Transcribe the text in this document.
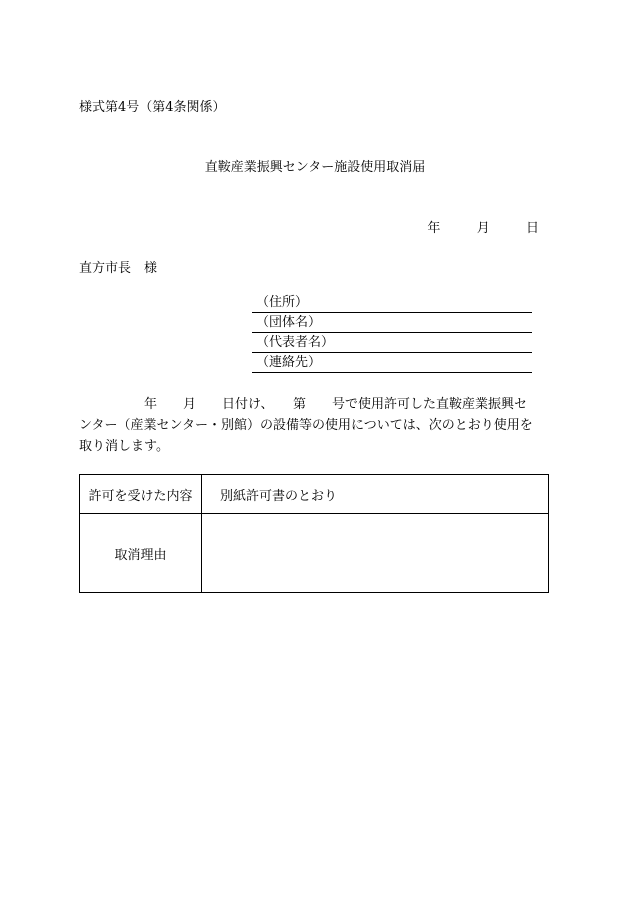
様式第4号（第4条関係）
直鞍産業振興センター施設使用取消届
年	月	日
直方市長　様
（住所）
（団体名）
（代表者名）
（連絡先）
　　　　　年　　月　　日付け、　　第　　号で使用許可した直鞍産業振興セ
ンター（産業センター・別館）の設備等の使用については、次のとおり使用を
取り消します。
許可を受けた内容	別紙許可書のとおり
取消理由	
